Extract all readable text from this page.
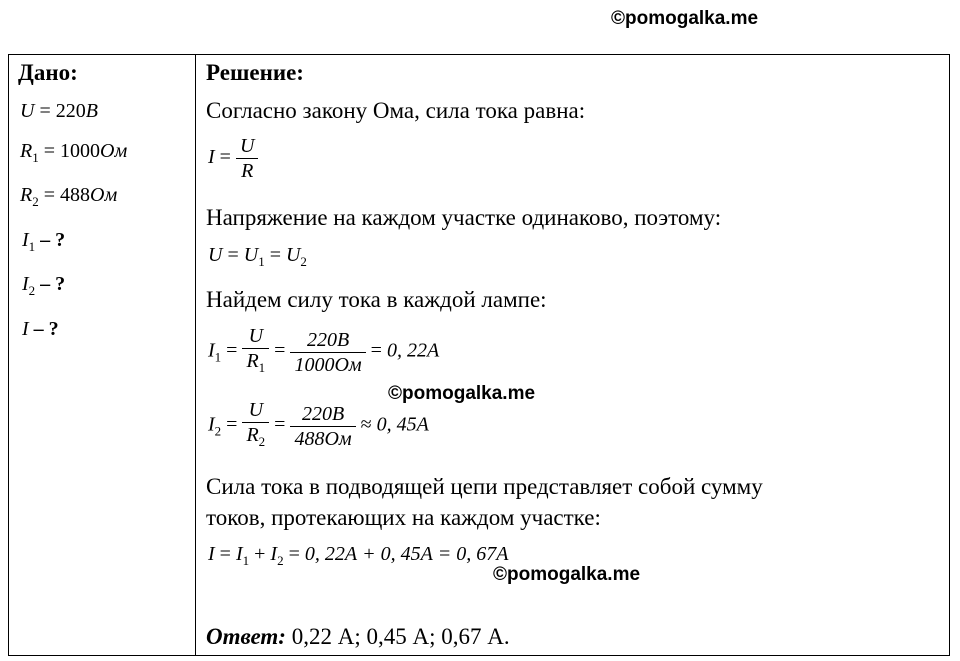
©pomogalka.me
©pomogalka.me
©pomogalka.me
Дано:
U = 220В
$R_1 = 1000Ом$
$R_2 = 488Ом$
$I_1$ – ?
$I_2$ – ?
I – ?
Решение:
Согласно закону Ома, сила тока равна:
$I = \frac{U}{R}$
Напряжение на каждом участке одинаково, поэтому:
$U = U_1 = U_2$
Найдем силу тока в каждой лампе:
$I_1 = \frac{U}{R_1} = \frac{220В}{1000Ом} = 0$, 22А
$I_2 = \frac{U}{R_2} = \frac{220В}{488Ом} \approx 0$, 45А
Сила тока в подводящей цепи представляет собой сумму
токов, протекающих на каждом участке:
$I = I_1 + I_2 = 0$, 22А + 0, 45А = 0, 67А
Ответ: 0,22 А; 0,45 А; 0,67 А.
